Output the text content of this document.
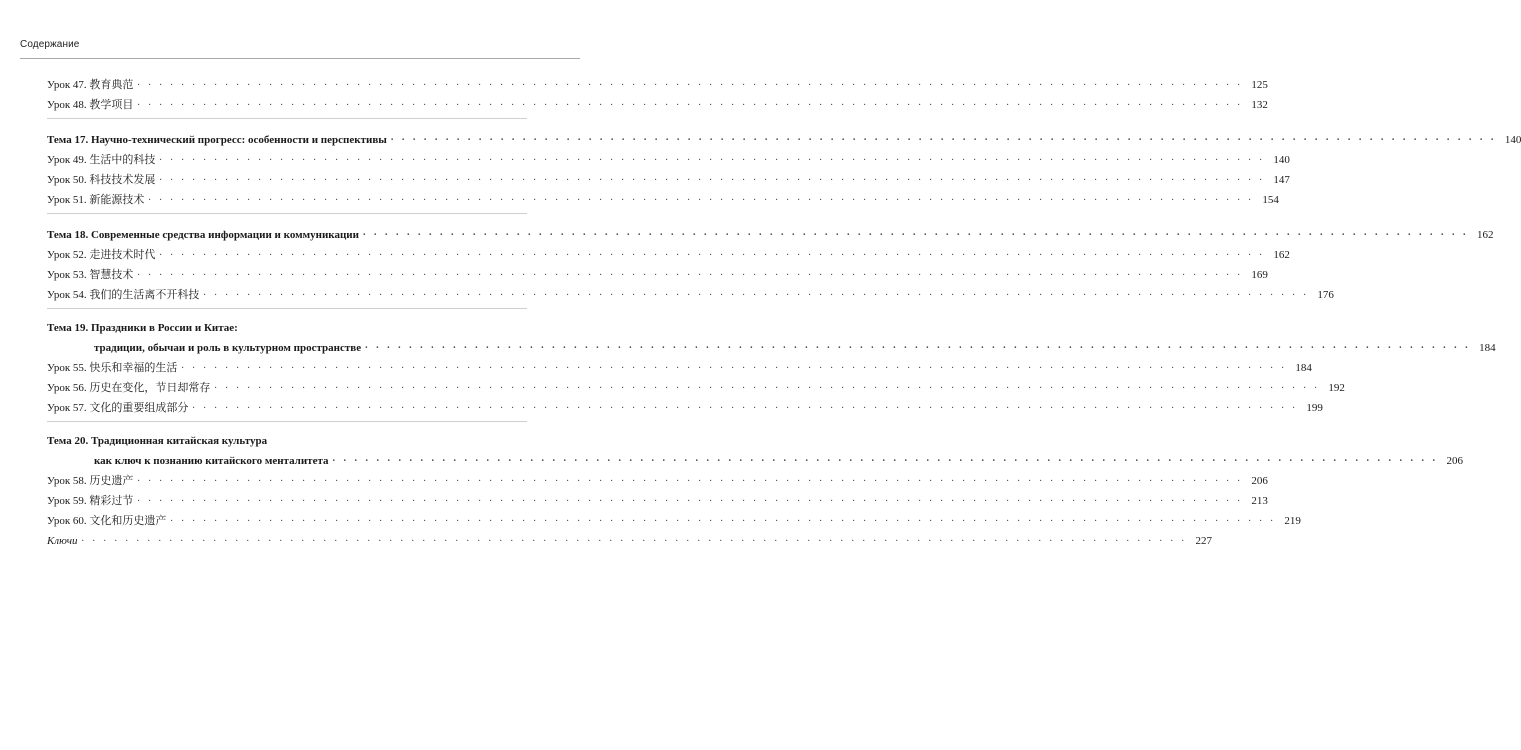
Содержание
Урок 47. 教育典范 . . . . . . . . . . . . . . . . . . . . . . . . . . . . . . . . . . . . . . . . . . . . . . . . . . . . . . . . . . . . . . . . . . . . . . . . . . . . . . . . . . . . . . . . . . . . . . . . . . . . . 125
Урок 48. 教学项目 . . . . . . . . . . . . . . . . . . . . . . . . . . . . . . . . . . . . . . . . . . . . . . . . . . . . . . . . . . . . . . . . . . . . . . . . . . . . . . . . . . . . . . . . . . . . . . . . . . . . . 132
Тема 17. Научно-технический прогресс: особенности и перспективы . . . . . . . . . . . . . . . . . . . . . . . . . . . . . . . . . . . . . . . . . . . . . . . . . . . . . . . . . . . . . . . . . . . . . . . . . . . . . . . . . . . . . . . . . . . . . . . . . . . . . 140
Урок 49. 生活中的科技 . . . . . . . . . . . . . . . . . . . . . . . . . . . . . . . . . . . . . . . . . . . . . . . . . . . . . . . . . . . . . . . . . . . . . . . . . . . . . . . . . . . . . . . . . . . . . . . . . . . . . 140
Урок 50. 科技技术发展 . . . . . . . . . . . . . . . . . . . . . . . . . . . . . . . . . . . . . . . . . . . . . . . . . . . . . . . . . . . . . . . . . . . . . . . . . . . . . . . . . . . . . . . . . . . . . . . . . . . . . 147
Урок 51. 新能源技术 . . . . . . . . . . . . . . . . . . . . . . . . . . . . . . . . . . . . . . . . . . . . . . . . . . . . . . . . . . . . . . . . . . . . . . . . . . . . . . . . . . . . . . . . . . . . . . . . . . . . . 154
Тема 18. Современные средства информации и коммуникации . . . . . . . . . . . . . . . . . . . . . . . . . . . . . . . . . . . . . . . . . . . . . . . . . . . . . . . . . . . . . . . . . . . . . . . . . . . . . . . . . . . . . . . . . . . . . . . . . . . . . 162
Урок 52. 走进技术时代 . . . . . . . . . . . . . . . . . . . . . . . . . . . . . . . . . . . . . . . . . . . . . . . . . . . . . . . . . . . . . . . . . . . . . . . . . . . . . . . . . . . . . . . . . . . . . . . . . . . . . 162
Урок 53. 智慧技术 . . . . . . . . . . . . . . . . . . . . . . . . . . . . . . . . . . . . . . . . . . . . . . . . . . . . . . . . . . . . . . . . . . . . . . . . . . . . . . . . . . . . . . . . . . . . . . . . . . . . . 169
Урок 54. 我们的生活离不开科技 . . . . . . . . . . . . . . . . . . . . . . . . . . . . . . . . . . . . . . . . . . . . . . . . . . . . . . . . . . . . . . . . . . . . . . . . . . . . . . . . . . . . . . . . . . . . . . . . . . . . . 176
Тема 19. Праздники в России и Китае:
традиции, обычаи и роль в культурном пространстве . . . . . . . . . . . . . . . . . . . . . . . . . . . . . . . . . . . . . . . . . . . . . . . . . . . . . . . . . . . . . . . . . . . . . . . . . . . . . . . . . . . . . . . . . . . . . . . . . . . . . 184
Урок 55. 快乐和幸福的生活 . . . . . . . . . . . . . . . . . . . . . . . . . . . . . . . . . . . . . . . . . . . . . . . . . . . . . . . . . . . . . . . . . . . . . . . . . . . . . . . . . . . . . . . . . . . . . . . . . . . . . 184
Урок 56. 历史在变化，节日却常存 . . . . . . . . . . . . . . . . . . . . . . . . . . . . . . . . . . . . . . . . . . . . . . . . . . . . . . . . . . . . . . . . . . . . . . . . . . . . . . . . . . . . . . . . . . . . . . . . . . . . . 192
Урок 57. 文化的重要组成部分 . . . . . . . . . . . . . . . . . . . . . . . . . . . . . . . . . . . . . . . . . . . . . . . . . . . . . . . . . . . . . . . . . . . . . . . . . . . . . . . . . . . . . . . . . . . . . . . . . . . . . 199
Тема 20. Традиционная китайская культура
как ключ к познанию китайского менталитета . . . . . . . . . . . . . . . . . . . . . . . . . . . . . . . . . . . . . . . . . . . . . . . . . . . . . . . . . . . . . . . . . . . . . . . . . . . . . . . . . . . . . . . . . . . . . . . . . . . . . 206
Урок 58. 历史遗产 . . . . . . . . . . . . . . . . . . . . . . . . . . . . . . . . . . . . . . . . . . . . . . . . . . . . . . . . . . . . . . . . . . . . . . . . . . . . . . . . . . . . . . . . . . . . . . . . . . . . . 206
Урок 59. 精彩过节 . . . . . . . . . . . . . . . . . . . . . . . . . . . . . . . . . . . . . . . . . . . . . . . . . . . . . . . . . . . . . . . . . . . . . . . . . . . . . . . . . . . . . . . . . . . . . . . . . . . . . 213
Урок 60. 文化和历史遗产 . . . . . . . . . . . . . . . . . . . . . . . . . . . . . . . . . . . . . . . . . . . . . . . . . . . . . . . . . . . . . . . . . . . . . . . . . . . . . . . . . . . . . . . . . . . . . . . . . . . . . 219
Ключи . . . . . . . . . . . . . . . . . . . . . . . . . . . . . . . . . . . . . . . . . . . . . . . . . . . . . . . . . . . . . . . . . . . . . . . . . . . . . . . . . . . . . . . . . . . . . . . . . . . . . 227
